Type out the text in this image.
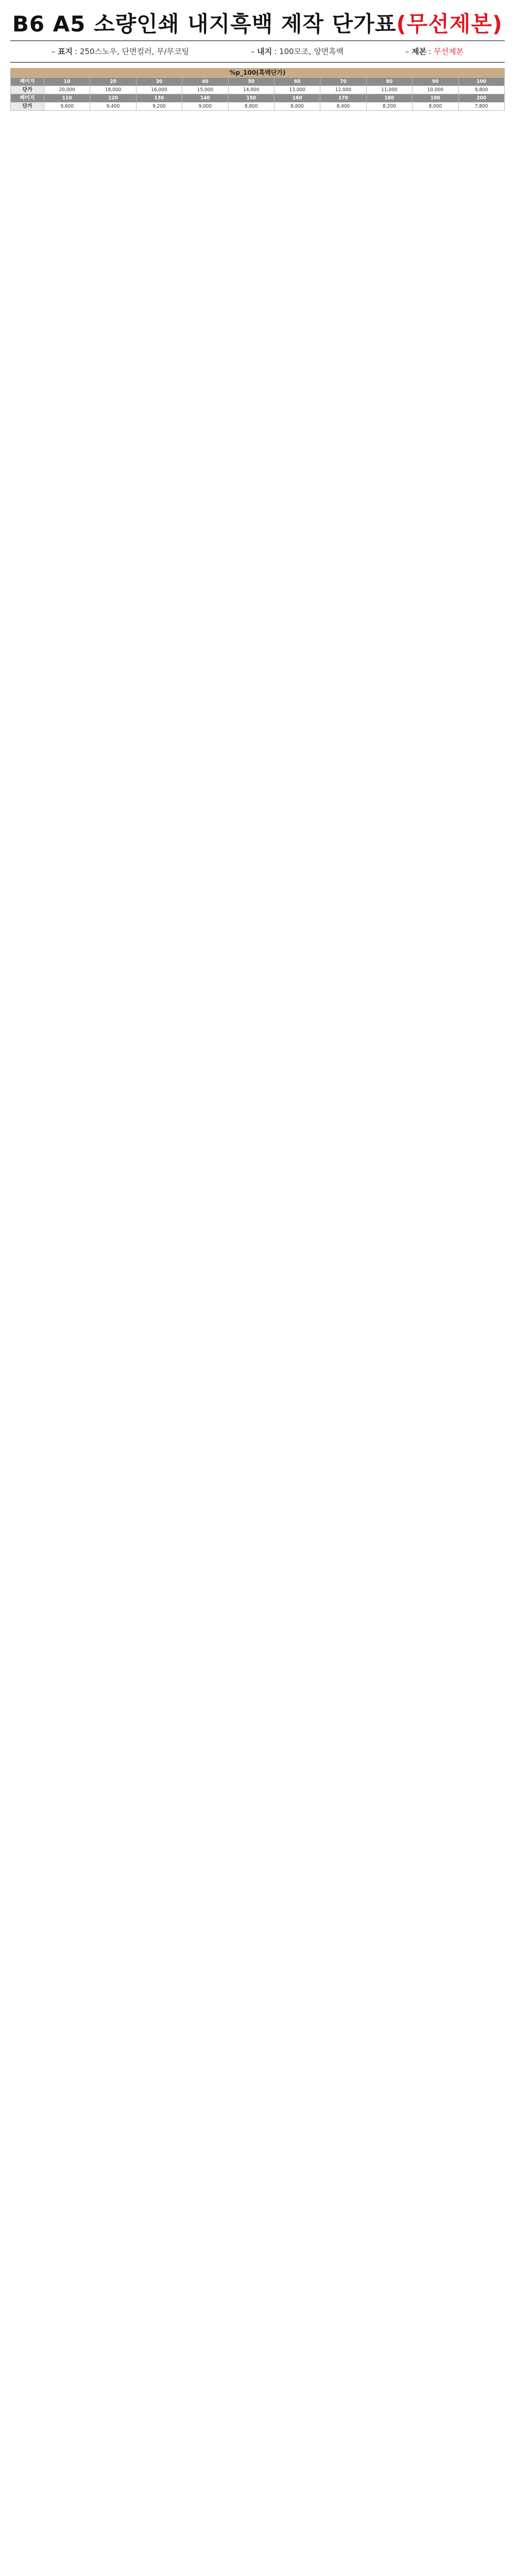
B6 A5 소량인쇄 내지흑백 제작 단가표(무선제본)
– 표지 : 250스노우, 단면컬러, 무/무코팅	– 내지 : 100모조, 양면흑백	– 제본 : 무선제본
%p_100(흑백단가)
페이지	10	20	30	40	50	60	70	80	90	100
단가	20,000	18,000	16,000	15,000	14,000	13,000	12,000	11,000	10,000	9,800
페이지	110	120	130	140	150	160	170	180	190	200
단가	9,600	9,400	9,200	9,000	8,800	8,600	8,400	8,200	8,000	7,800
